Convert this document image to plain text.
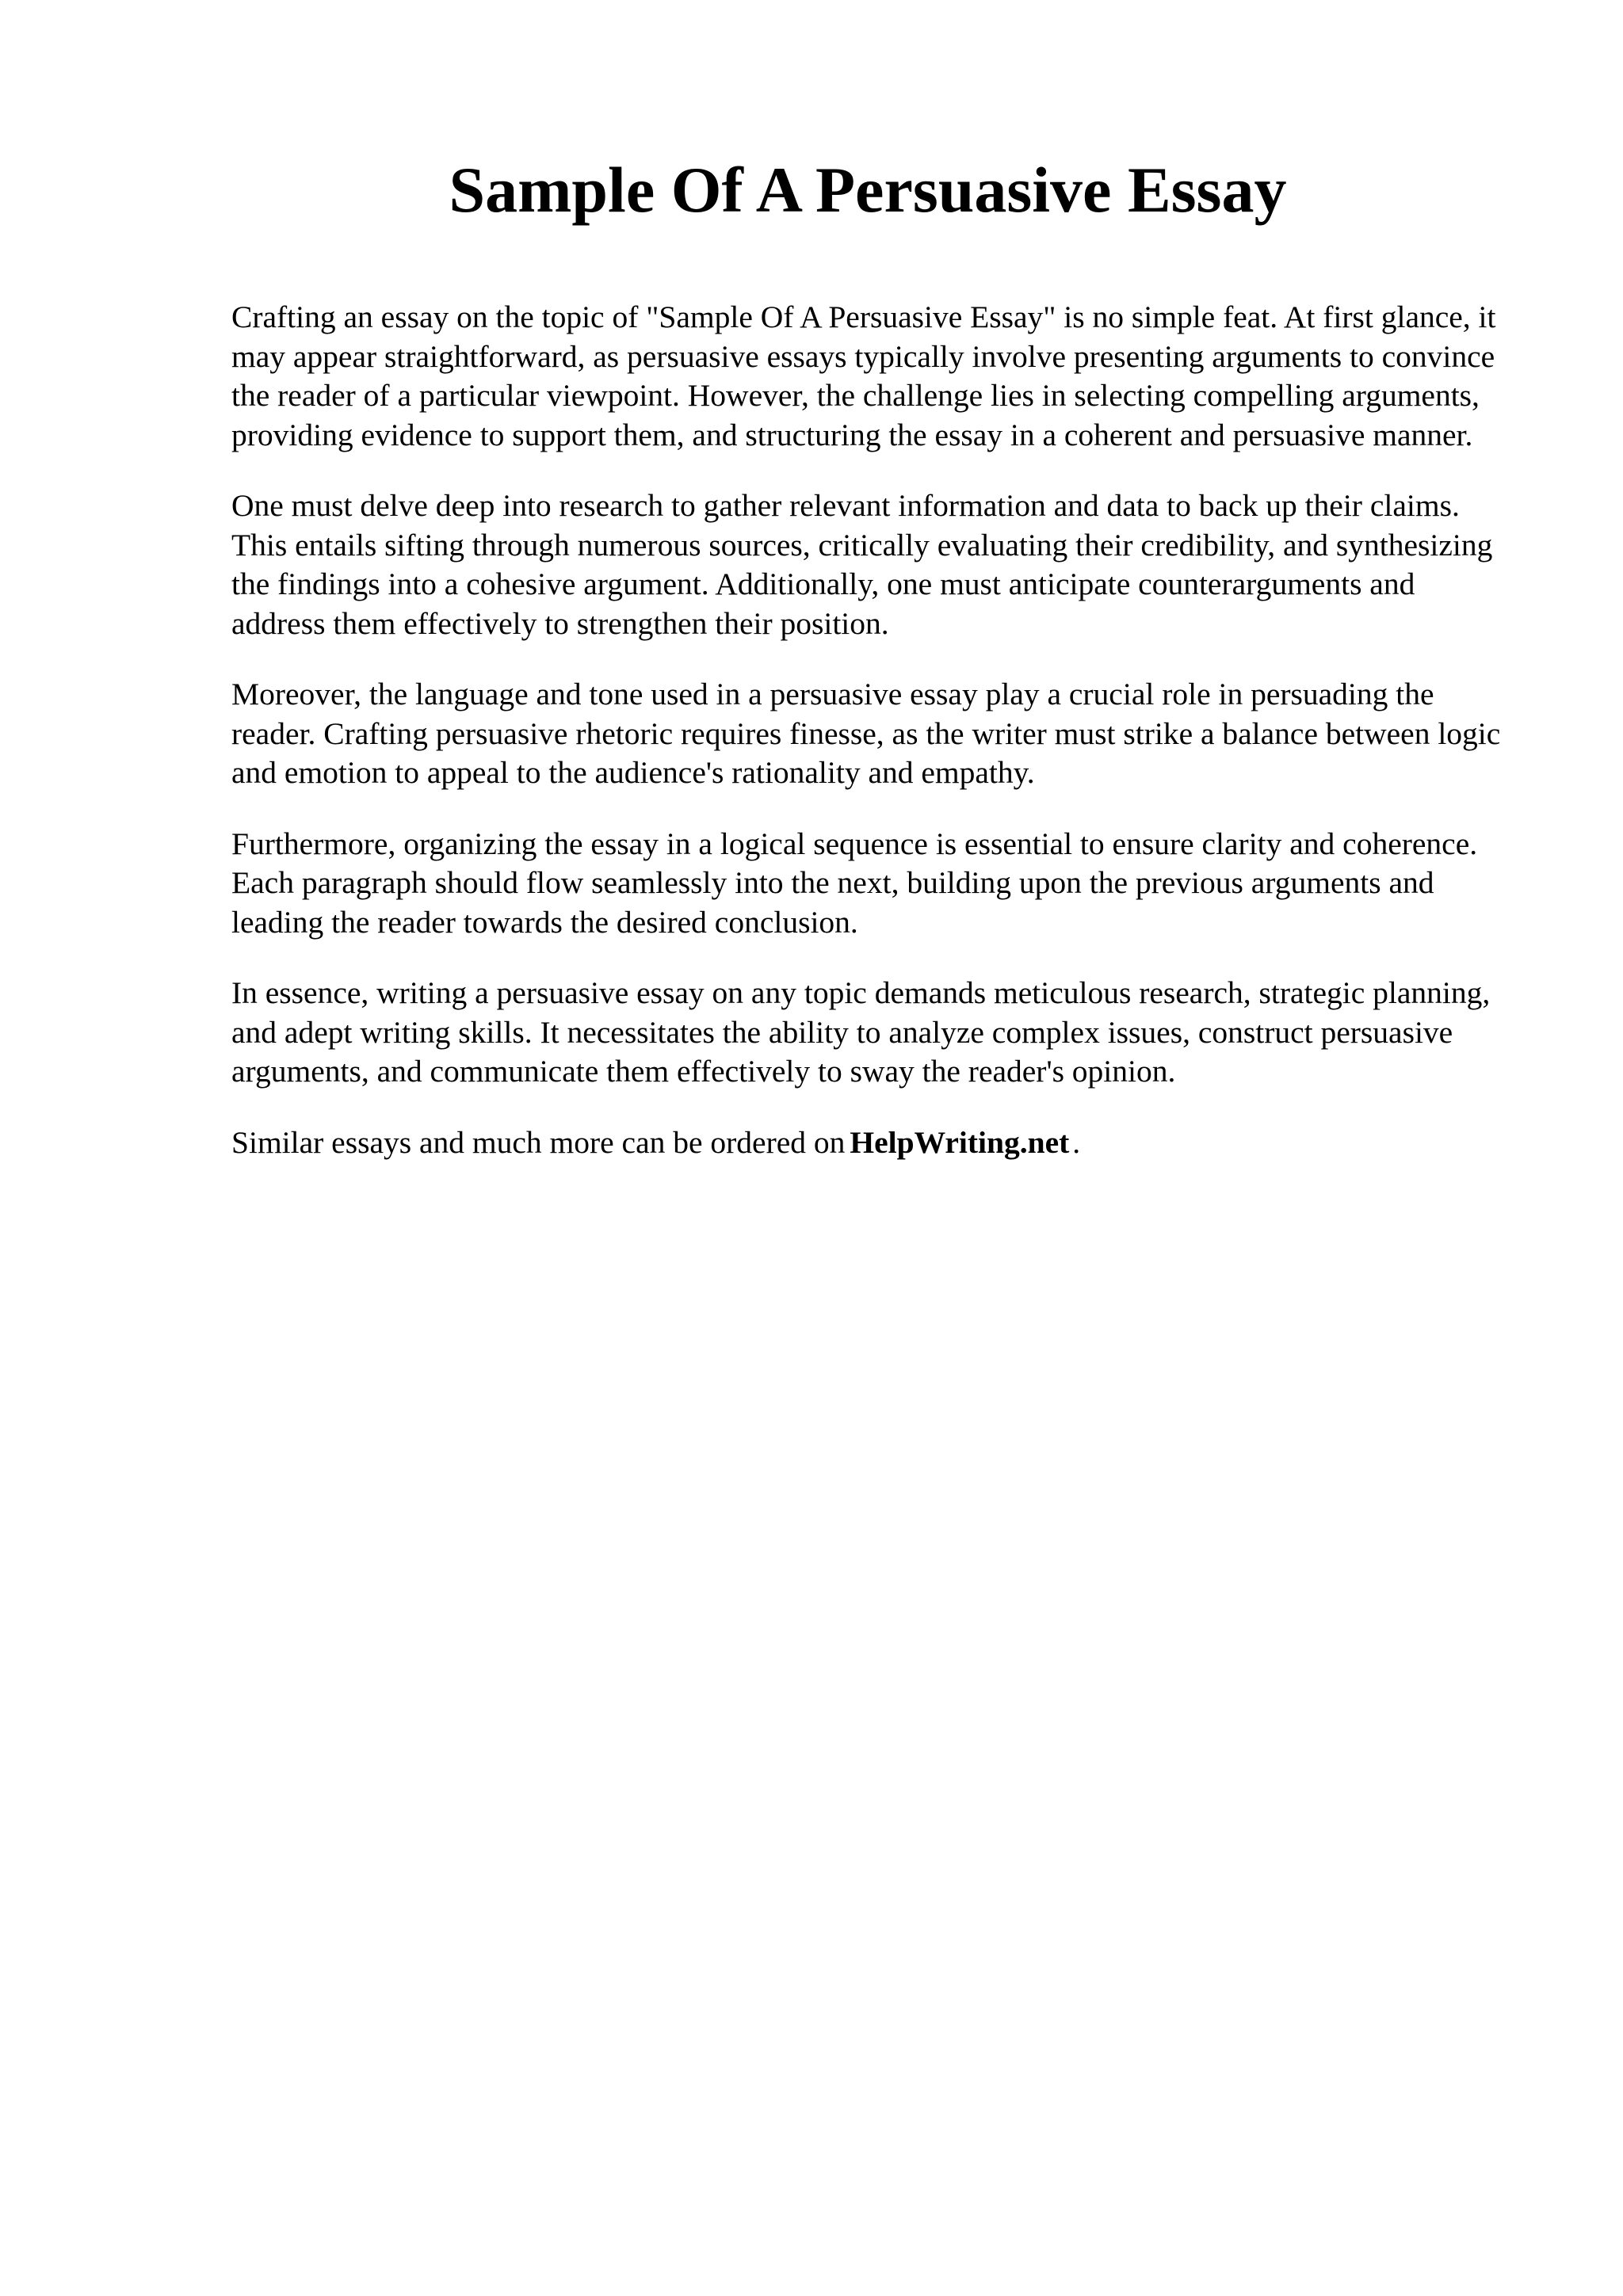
Sample Of A Persuasive Essay

Crafting an essay on the topic of "Sample Of A Persuasive Essay" is no simple feat. At first glance, it may appear straightforward, as persuasive essays typically involve presenting arguments to convince the reader of a particular viewpoint. However, the challenge lies in selecting compelling arguments, providing evidence to support them, and structuring the essay in a coherent and persuasive manner.

One must delve deep into research to gather relevant information and data to back up their claims. This entails sifting through numerous sources, critically evaluating their credibility, and synthesizing the findings into a cohesive argument. Additionally, one must anticipate counterarguments and address them effectively to strengthen their position.

Moreover, the language and tone used in a persuasive essay play a crucial role in persuading the reader. Crafting persuasive rhetoric requires finesse, as the writer must strike a balance between logic and emotion to appeal to the audience's rationality and empathy.

Furthermore, organizing the essay in a logical sequence is essential to ensure clarity and coherence. Each paragraph should flow seamlessly into the next, building upon the previous arguments and leading the reader towards the desired conclusion.

In essence, writing a persuasive essay on any topic demands meticulous research, strategic planning, and adept writing skills. It necessitates the ability to analyze complex issues, construct persuasive arguments, and communicate them effectively to sway the reader's opinion.

Similar essays and much more can be ordered on HelpWriting.net .
